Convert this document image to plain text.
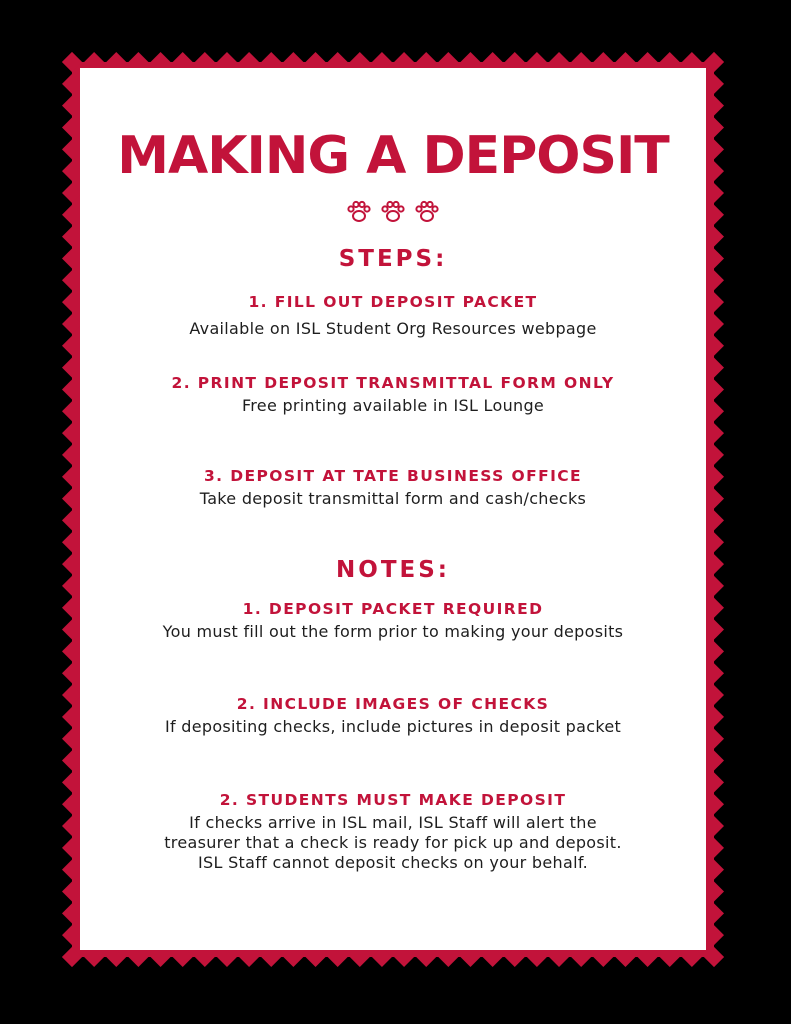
MAKING A DEPOSIT
STEPS:
1. FILL OUT DEPOSIT PACKET
Available on ISL Student Org Resources webpage
2. PRINT DEPOSIT TRANSMITTAL FORM ONLY
Free printing available in ISL Lounge
3. DEPOSIT AT TATE BUSINESS OFFICE
Take deposit transmittal form and cash/checks
NOTES:
1. DEPOSIT PACKET REQUIRED
You must fill out the form prior to making your deposits
2. INCLUDE IMAGES OF CHECKS
If depositing checks, include pictures in deposit packet
2. STUDENTS MUST MAKE DEPOSIT
If checks arrive in ISL mail, ISL Staff will alert the treasurer that a check is ready for pick up and deposit. ISL Staff cannot deposit checks on your behalf.
